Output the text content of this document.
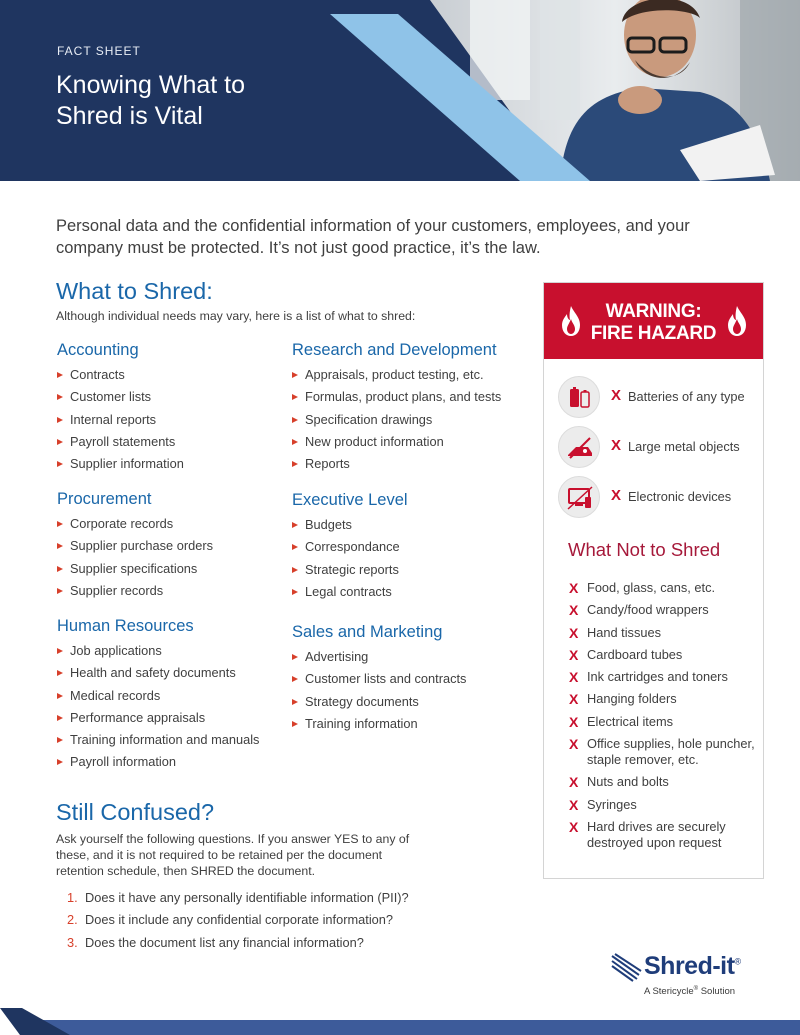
FACT SHEET
Knowing What to Shred is Vital

Personal data and the confidential information of your customers, employees, and your company must be protected. It’s not just good practice, it’s the law.

What to Shred:
Although individual needs may vary, here is a list of what to shred:
Accounting
Contracts
Customer lists
Internal reports
Payroll statements
Supplier information
Procurement
Corporate records
Supplier purchase orders
Supplier specifications
Supplier records
Human Resources
Job applications
Health and safety documents
Medical records
Performance appraisals
Training information and manuals
Payroll information
Research and Development
Appraisals, product testing, etc.
Formulas, product plans, and tests
Specification drawings
New product information
Reports
Executive Level
Budgets
Correspondance
Strategic reports
Legal contracts
Sales and Marketing
Advertising
Customer lists and contracts
Strategy documents
Training information
Still Confused?
Ask yourself the following questions. If you answer YES to any of these, and it is not required to be retained per the document retention schedule, then SHRED the document.
1. Does it have any personally identifiable information (PII)?
2. Does it include any confidential corporate information?
3. Does the document list any financial information?
WARNING:
FIRE HAZARD
X Batteries of any type
X Large metal objects
X Electronic devices
What Not to Shred
X Food, glass, cans, etc.
X Candy/food wrappers
X Hand tissues
X Cardboard tubes
X Ink cartridges and toners
X Hanging folders
X Electrical items
X Office supplies, hole puncher, staple remover, etc.
X Nuts and bolts
X Syringes
X Hard drives are securely destroyed upon request
Shred-it®
A Stericycle® Solution
